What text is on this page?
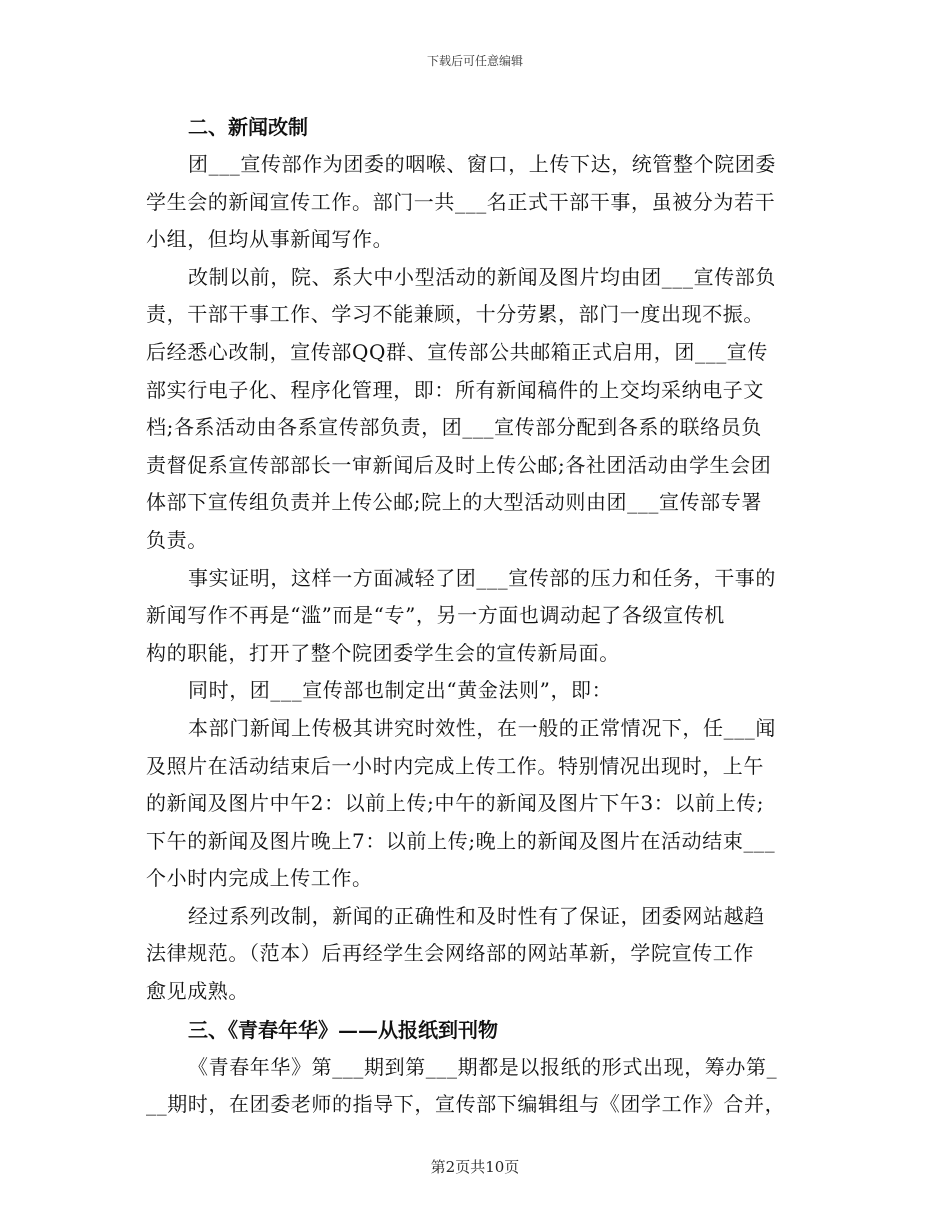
下载后可任意编辑
二、新闻改制
团___宣传部作为团委的咽喉、窗口，上传下达，统管整个院团委
学生会的新闻宣传工作。部门一共___名正式干部干事，虽被分为若干
小组，但均从事新闻写作。
改制以前，院、系大中小型活动的新闻及图片均由团___宣传部负
责，干部干事工作、学习不能兼顾，十分劳累，部门一度出现不振。
后经悉心改制，宣传部QQ群、宣传部公共邮箱正式启用，团___宣传
部实行电子化、程序化管理，即：所有新闻稿件的上交均采纳电子文
档;各系活动由各系宣传部负责，团___宣传部分配到各系的联络员负
责督促系宣传部部长一审新闻后及时上传公邮;各社团活动由学生会团
体部下宣传组负责并上传公邮;院上的大型活动则由团___宣传部专署
负责。
事实证明，这样一方面减轻了团___宣传部的压力和任务，干事的
新闻写作不再是“滥”而是“专”，另一方面也调动起了各级宣传机
构的职能，打开了整个院团委学生会的宣传新局面。
同时，团___宣传部也制定出“黄金法则”，即：
本部门新闻上传极其讲究时效性，在一般的正常情况下，任___闻
及照片在活动结束后一小时内完成上传工作。特别情况出现时，上午
的新闻及图片中午2：以前上传;中午的新闻及图片下午3：以前上传;
下午的新闻及图片晚上7：以前上传;晚上的新闻及图片在活动结束___
个小时内完成上传工作。
经过系列改制，新闻的正确性和及时性有了保证，团委网站越趋
法律规范。（范本）后再经学生会网络部的网站革新，学院宣传工作
愈见成熟。
三、《青春年华》——从报纸到刊物
《青春年华》第___期到第___期都是以报纸的形式出现，筹办第_
__期时，在团委老师的指导下，宣传部下编辑组与《团学工作》合并，
第2页共10页
